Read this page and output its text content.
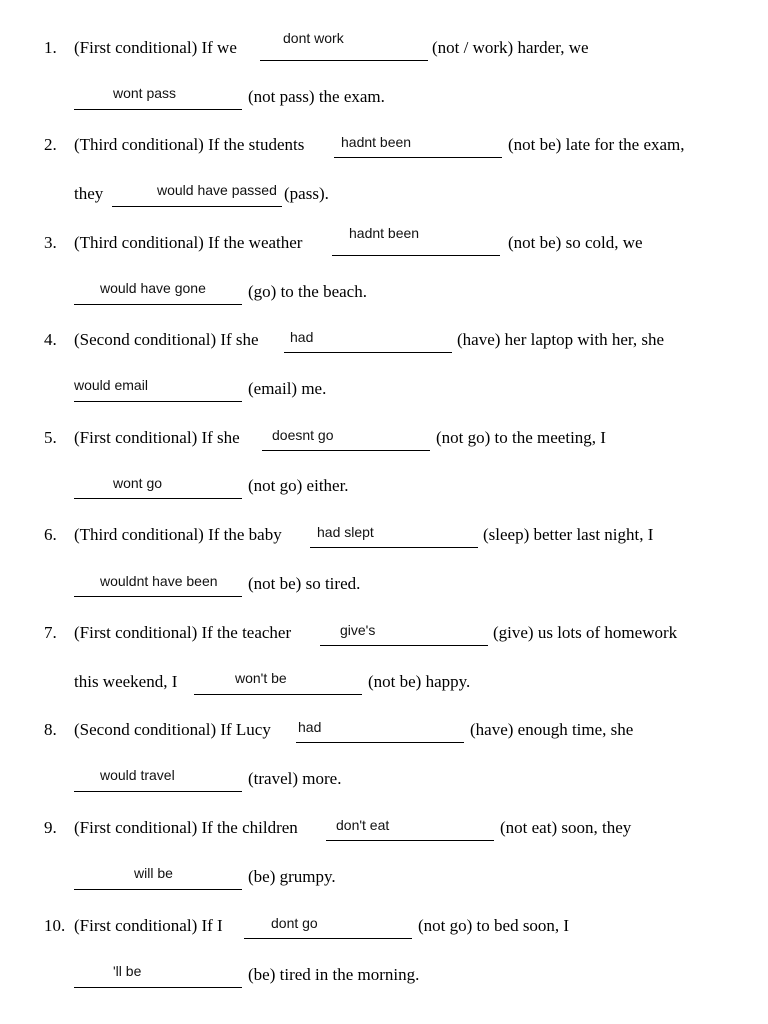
1. (First conditional) If we	dont work	(not / work) harder, we
wont pass	(not pass) the exam.
2. (Third conditional) If the students	hadnt been	(not be) late for the exam,
they	would have passed (pass).
3. (Third conditional) If the weather	hadnt been	(not be) so cold, we
would have gone (go) to the beach.
4. (Second conditional) If she had	(have) her laptop with her, she
would email	(email) me.
5. (First conditional) If she doesnt go	(not go) to the meeting, I
wont go	(not go) either.
6. (Third conditional) If the baby	had slept	(sleep) better last night, I
wouldnt have been (not be) so tired.
7. (First conditional) If the teacher	give's	(give) us lots of homework
this weekend, I	won't be	(not be) happy.
8. (Second conditional) If Lucy had	(have) enough time, she
would travel	(travel) more.
9. (First conditional) If the children	don't eat	(not eat) soon, they
will be	(be) grumpy.
10. (First conditional) If I	dont go	(not go) to bed soon, I
'll be	(be) tired in the morning.
